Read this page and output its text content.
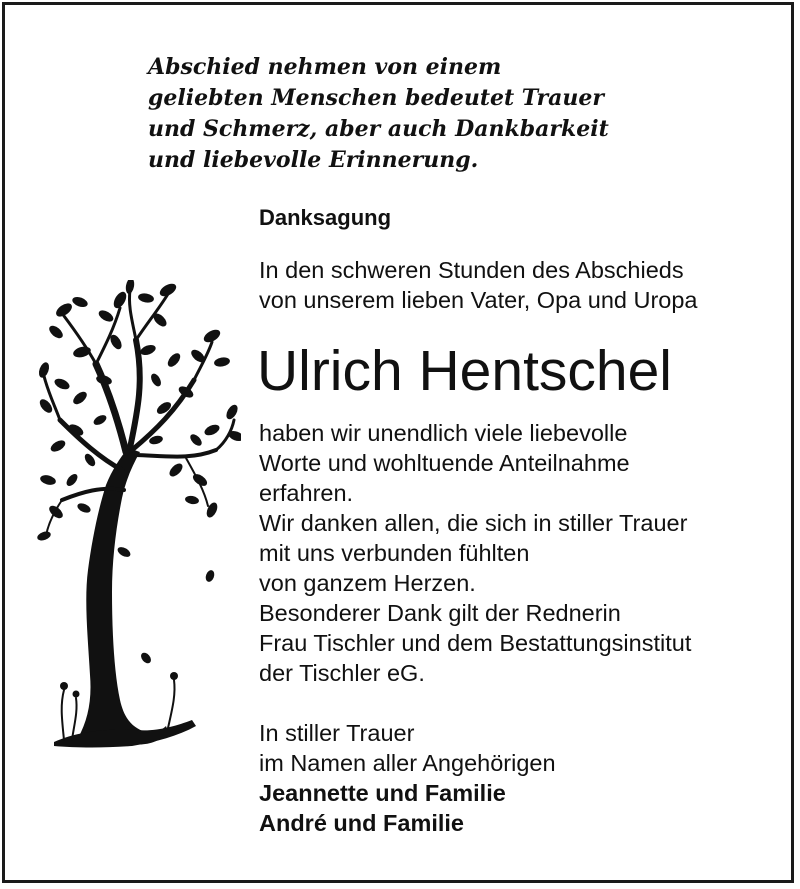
Abschied nehmen von einem
geliebten Menschen bedeutet Trauer
und Schmerz, aber auch Dankbarkeit
und liebevolle Erinnerung.
Danksagung
In den schweren Stunden des Abschieds
von unserem lieben Vater, Opa und Uropa
Ulrich Hentschel
haben wir unendlich viele liebevolle
Worte und wohltuende Anteilnahme
erfahren.
Wir danken allen, die sich in stiller Trauer
mit uns verbunden fühlten
von ganzem Herzen.
Besonderer Dank gilt der Rednerin
Frau Tischler und dem Bestattungsinstitut
der Tischler eG.
In stiller Trauer
im Namen aller Angehörigen
Jeannette und Familie
André und Familie
